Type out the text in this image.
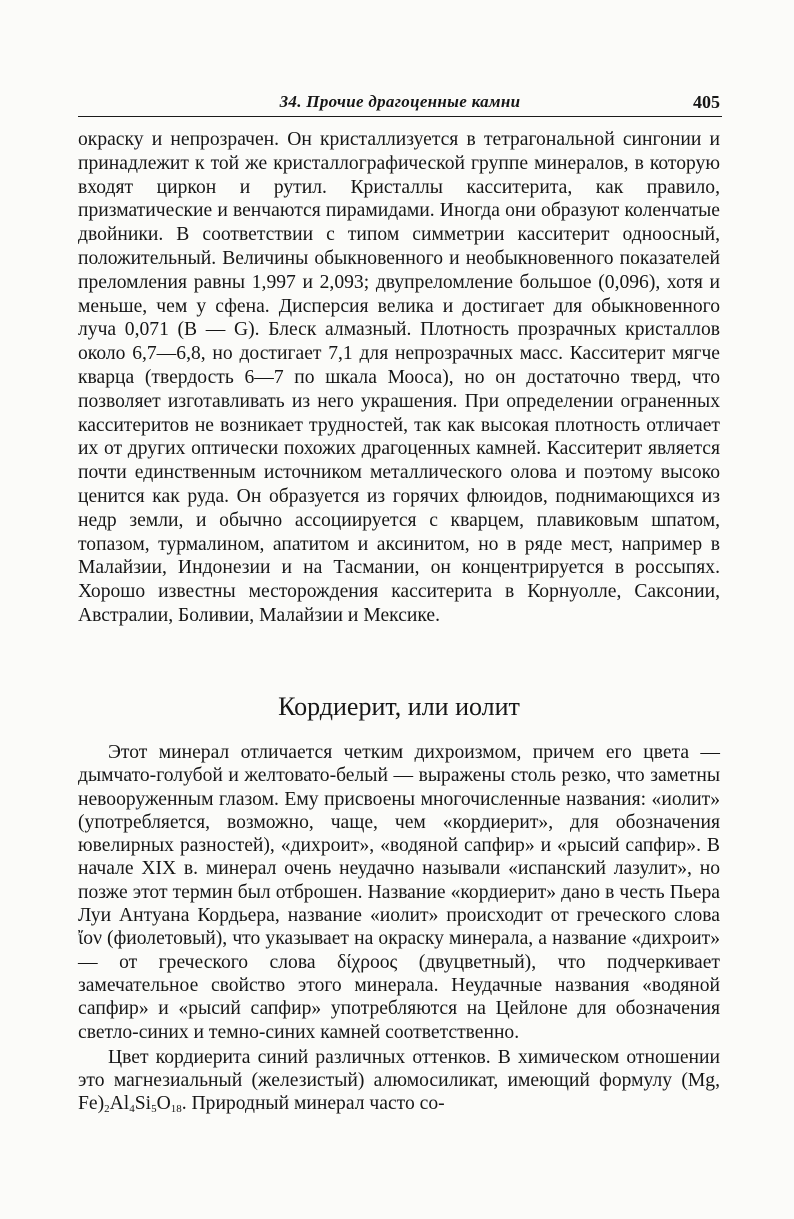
34. Прочие драгоценные камни	405

окраску и непрозрачен. Он кристаллизуется в тетрагональной сингонии и принадлежит к той же кристаллографической группе минералов, в которую входят циркон и рутил. Кристаллы касситерита, как правило, призматические и венчаются пирамидами. Иногда они образуют коленчатые двойники. В соответствии с типом симметрии касситерит одноосный, положительный. Величины обыкновенного и необыкновенного показателей преломления равны 1,997 и 2,093; двупреломление большое (0,096), хотя и меньше, чем у сфена. Дисперсия велика и достигает для обыкновенного луча 0,071 (B — G). Блеск алмазный. Плотность прозрачных кристаллов около 6,7—6,8, но достигает 7,1 для непрозрачных масс. Касситерит мягче кварца (твердость 6—7 по шкала Мооса), но он достаточно тверд, что позволяет изготавливать из него украшения. При определении ограненных касситеритов не возникает трудностей, так как высокая плотность отличает их от других оптически похожих драгоценных камней. Касситерит является почти единственным источником металлического олова и поэтому высоко ценится как руда. Он образуется из горячих флюидов, поднимающихся из недр земли, и обычно ассоциируется с кварцем, плавиковым шпатом, топазом, турмалином, апатитом и аксинитом, но в ряде мест, например в Малайзии, Индонезии и на Тасмании, он концентрируется в россыпях. Хорошо известны месторождения касситерита в Корнуолле, Саксонии, Австралии, Боливии, Малайзии и Мексике.

Кордиерит, или иолит

Этот минерал отличается четким дихроизмом, причем его цвета — дымчато-голубой и желтовато-белый — выражены столь резко, что заметны невооруженным глазом. Ему присвоены многочисленные названия: «иолит» (употребляется, возможно, чаще, чем «кордиерит», для обозначения ювелирных разностей), «дихроит», «водяной сапфир» и «рысий сапфир». В начале XIX в. минерал очень неудачно называли «испанский лазулит», но позже этот термин был отброшен. Название «кордиерит» дано в честь Пьера Луи Антуана Кордьера, название «иолит» происходит от греческого слова ἴον (фиолетовый), что указывает на окраску минерала, а название «дихроит» — от греческого слова δίχροος (двуцветный), что подчеркивает замечательное свойство этого минерала. Неудачные названия «водяной сапфир» и «рысий сапфир» употребляются на Цейлоне для обозначения светло-синих и темно-синих камней соответственно.

Цвет кордиерита синий различных оттенков. В химическом отношении это магнезиальный (железистый) алюмосиликат, имеющий формулу (Mg, $Fe)_2Al_4Si_5O_{18}$. Природный минерал часто со-
